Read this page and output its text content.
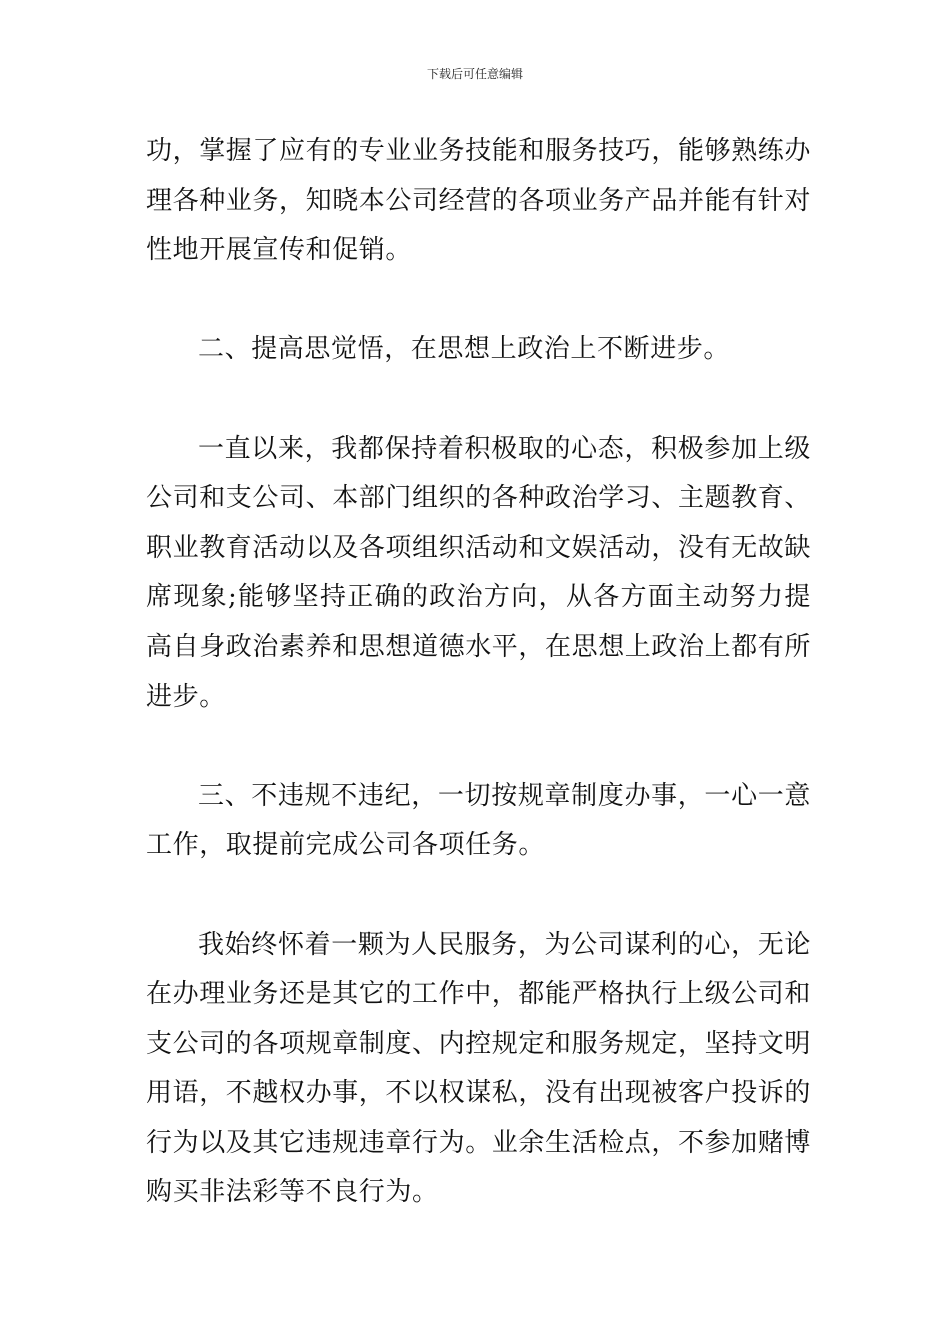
下载后可任意编辑

功，掌握了应有的专业业务技能和服务技巧，能够熟练办理各种业务，知晓本公司经营的各项业务产品并能有针对性地开展宣传和促销。

二、提高思觉悟，在思想上政治上不断进步。

一直以来，我都保持着积极取的心态，积极参加上级公司和支公司、本部门组织的各种政治学习、主题教育、职业教育活动以及各项组织活动和文娱活动，没有无故缺席现象;能够坚持正确的政治方向，从各方面主动努力提高自身政治素养和思想道德水平，在思想上政治上都有所进步。

三、不违规不违纪，一切按规章制度办事，一心一意工作，取提前完成公司各项任务。

我始终怀着一颗为人民服务，为公司谋利的心，无论在办理业务还是其它的工作中，都能严格执行上级公司和支公司的各项规章制度、内控规定和服务规定，坚持文明用语，不越权办事，不以权谋私，没有出现被客户投诉的行为以及其它违规违章行为。业余生活检点，不参加赌博购买非法彩等不良行为。
